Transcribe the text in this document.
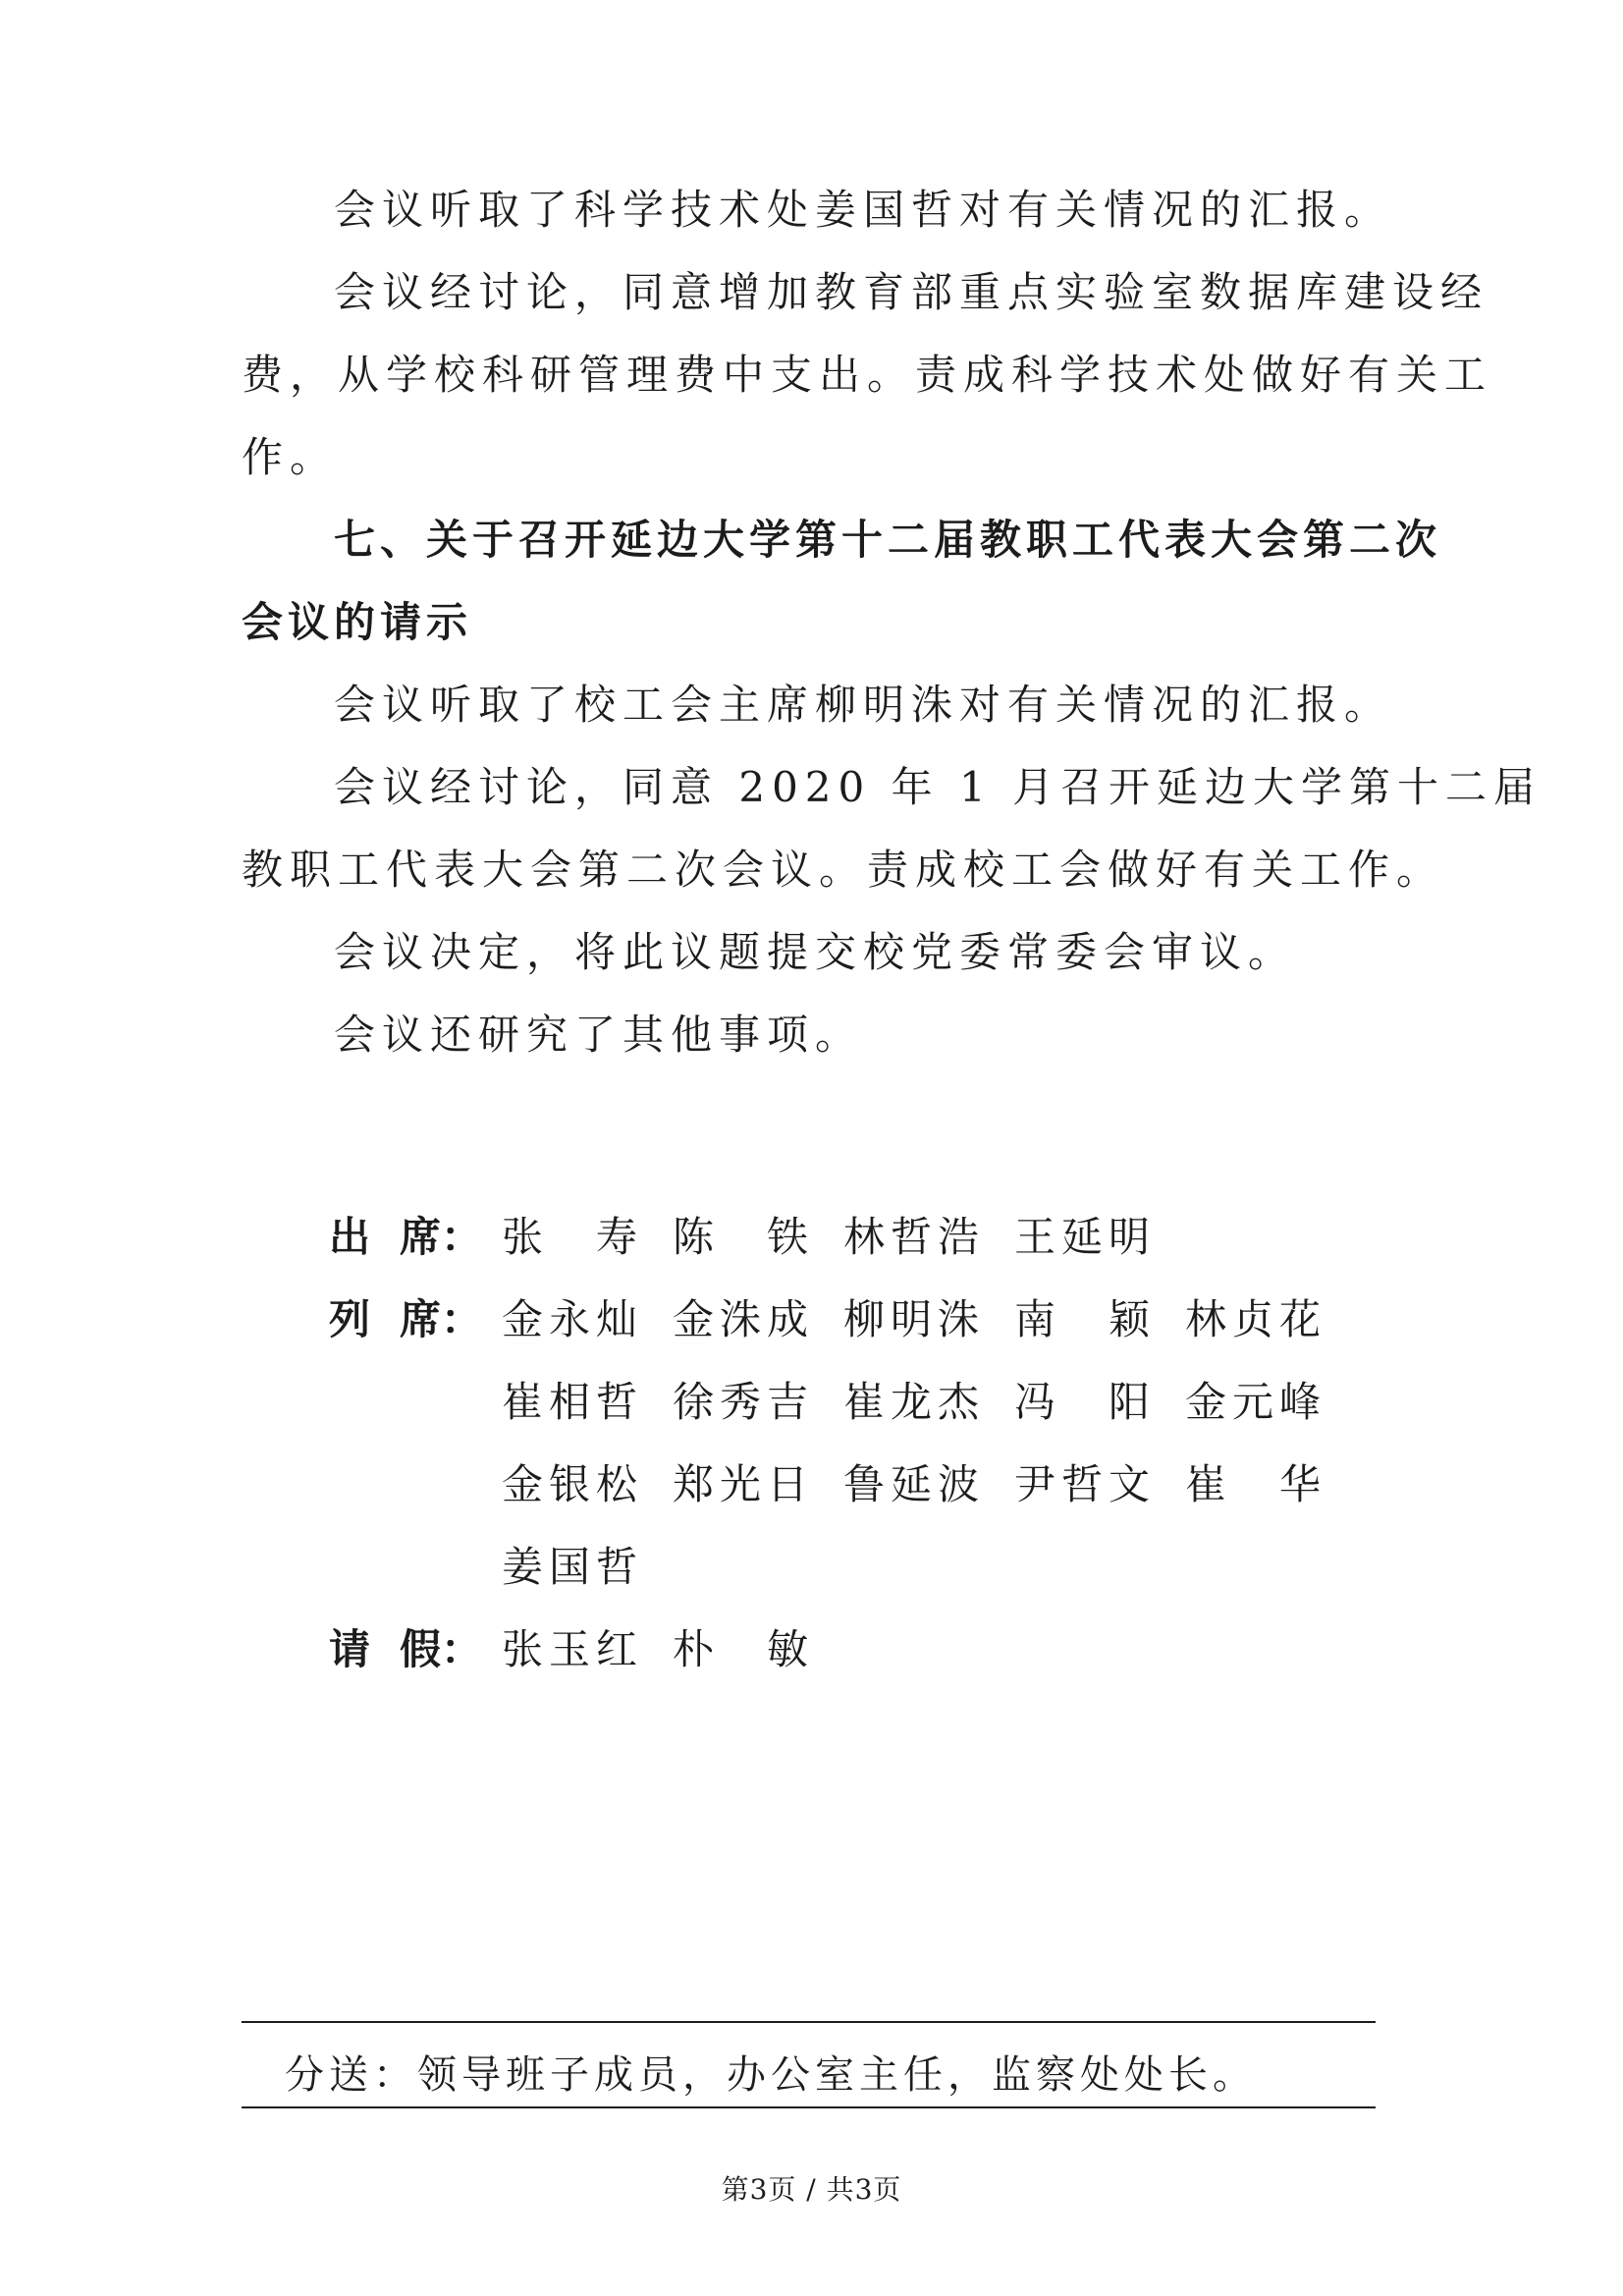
会议听取了科学技术处姜国哲对有关情况的汇报。
会议经讨论，同意增加教育部重点实验室数据库建设经
费，从学校科研管理费中支出。责成科学技术处做好有关工
作。
七、关于召开延边大学第十二届教职工代表大会第二次
会议的请示
会议听取了校工会主席柳明洙对有关情况的汇报。
会议经讨论，同意 2020 年 1 月召开延边大学第十二届
教职工代表大会第二次会议。责成校工会做好有关工作。
会议决定，将此议题提交校党委常委会审议。
会议还研究了其他事项。
出 席： 张　寿 陈　铁 林哲浩 王延明
列 席： 金永灿 金洙成 柳明洙 南　颖 林贞花
崔相哲 徐秀吉 崔龙杰 冯　阳 金元峰
金银松 郑光日 鲁延波 尹哲文 崔　华
姜国哲
请 假： 张玉红 朴　敏
分送：领导班子成员，办公室主任，监察处处长。
第3页 / 共3页
